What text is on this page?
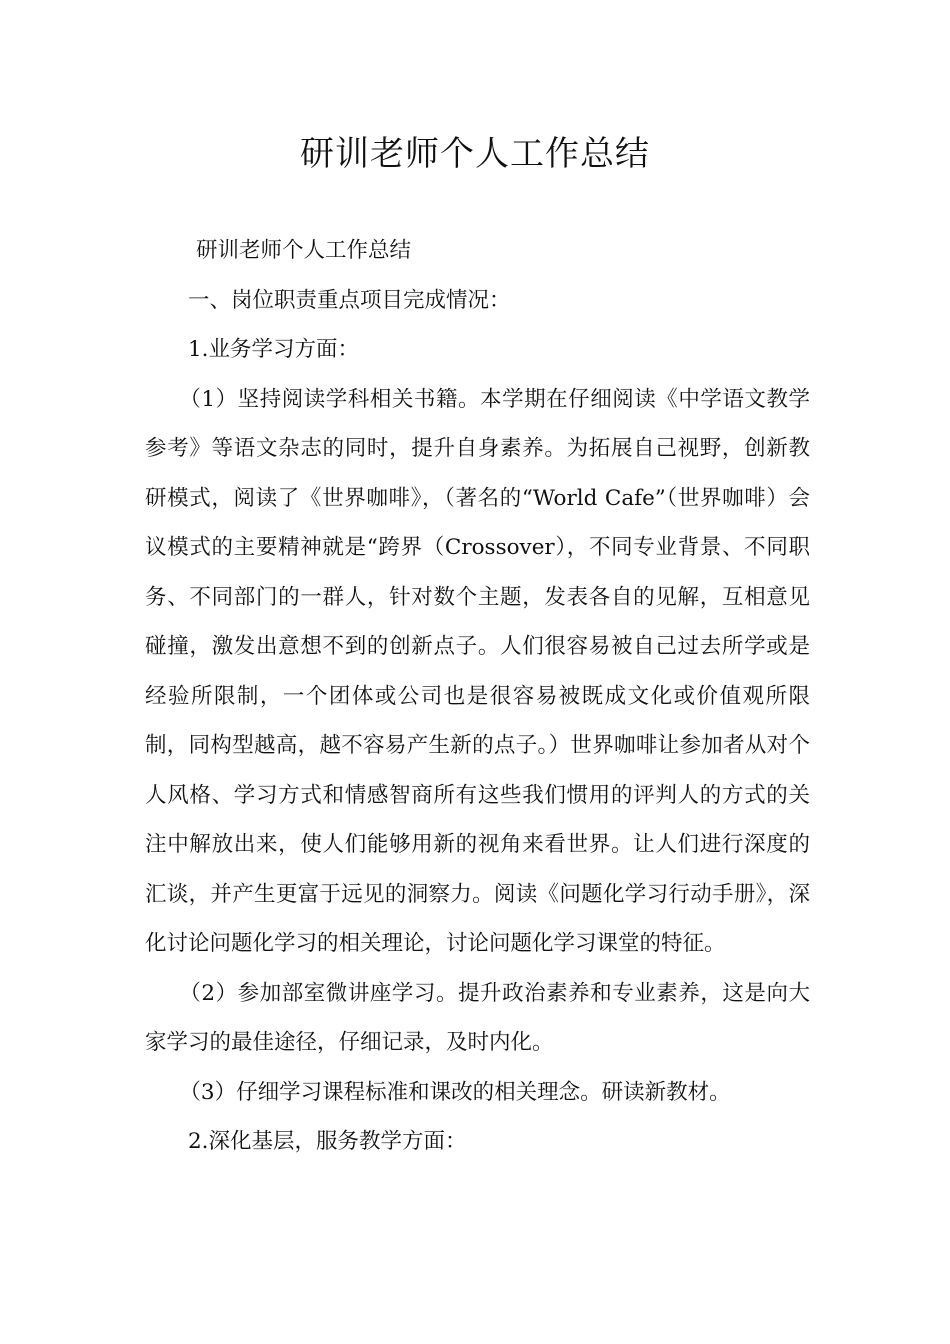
研训老师个人工作总结

研训老师个人工作总结

一、岗位职责重点项目完成情况：

1.业务学习方面：

（1）坚持阅读学科相关书籍。本学期在仔细阅读《中学语文教学参考》等语文杂志的同时，提升自身素养。为拓展自己视野，创新教研模式，阅读了《世界咖啡》，（著名的“World Cafe”（世界咖啡）会议模式的主要精神就是“跨界（Crossover），不同专业背景、不同职务、不同部门的一群人，针对数个主题，发表各自的见解，互相意见碰撞，激发出意想不到的创新点子。人们很容易被自己过去所学或是经验所限制，一个团体或公司也是很容易被既成文化或价值观所限制，同构型越高，越不容易产生新的点子。）世界咖啡让参加者从对个人风格、学习方式和情感智商所有这些我们惯用的评判人的方式的关注中解放出来，使人们能够用新的视角来看世界。让人们进行深度的汇谈，并产生更富于远见的洞察力。阅读《问题化学习行动手册》，深化讨论问题化学习的相关理论，讨论问题化学习课堂的特征。

（2）参加部室微讲座学习。提升政治素养和专业素养，这是向大家学习的最佳途径，仔细记录，及时内化。

（3）仔细学习课程标准和课改的相关理念。研读新教材。

2.深化基层，服务教学方面：
